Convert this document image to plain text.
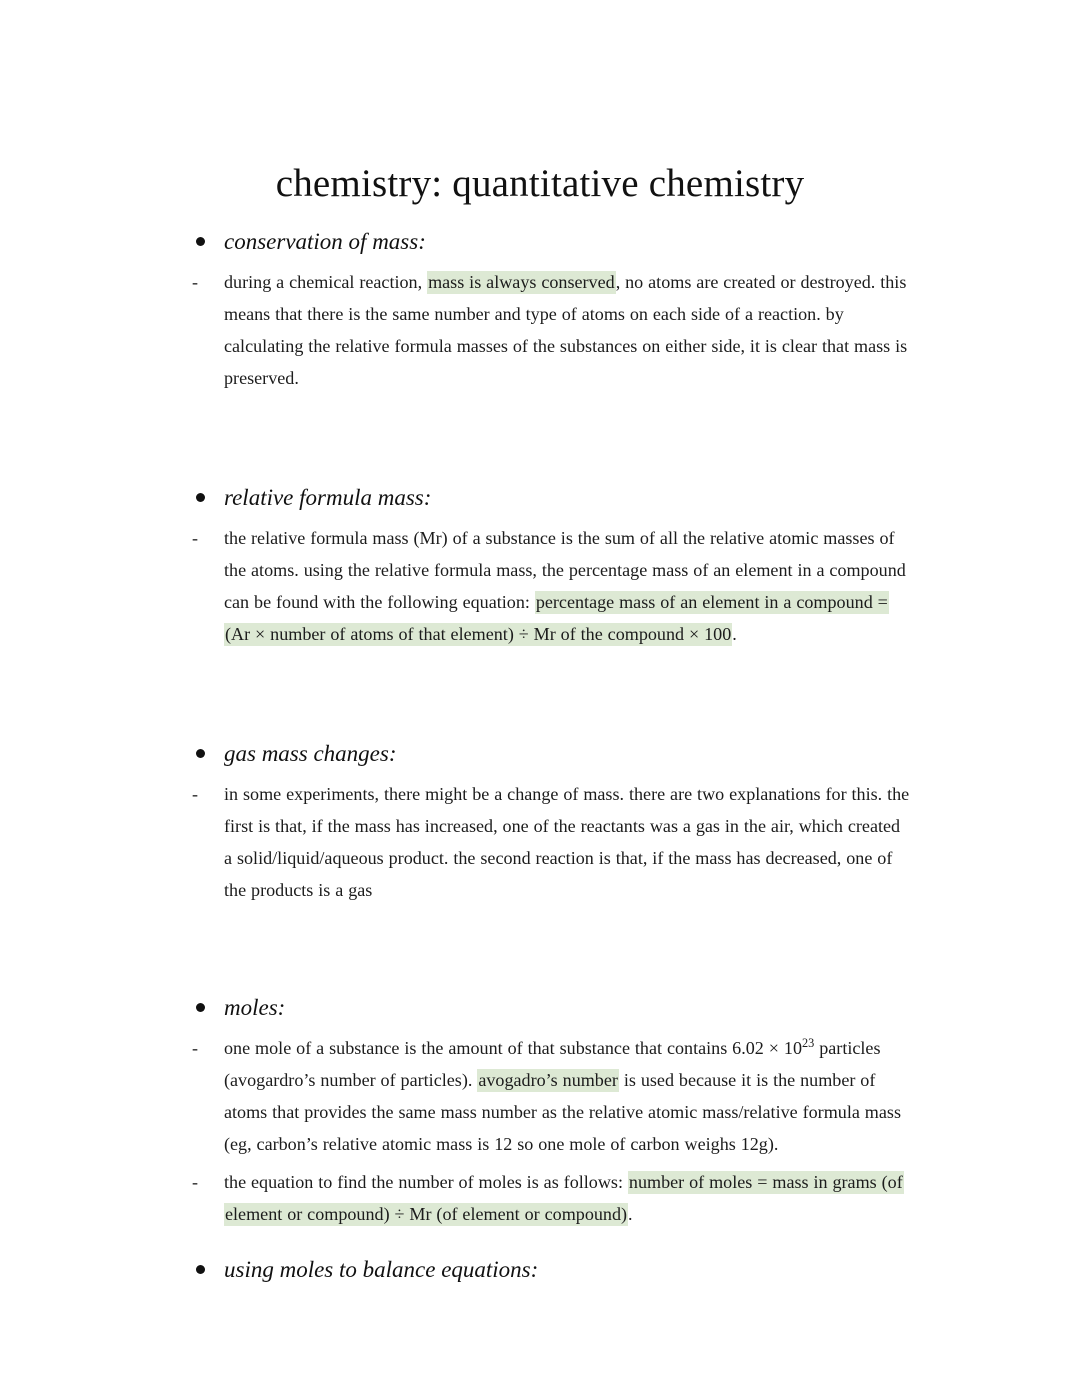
chemistry: quantitative chemistry
conservation of mass:
- during a chemical reaction, mass is always conserved, no atoms are created or destroyed. this means that there is the same number and type of atoms on each side of a reaction. by calculating the relative formula masses of the substances on either side, it is clear that mass is preserved.
relative formula mass:
- the relative formula mass (Mr) of a substance is the sum of all the relative atomic masses of the atoms. using the relative formula mass, the percentage mass of an element in a compound can be found with the following equation: percentage mass of an element in a compound = (Ar × number of atoms of that element) ÷ Mr of the compound × 100.
gas mass changes:
- in some experiments, there might be a change of mass. there are two explanations for this. the first is that, if the mass has increased, one of the reactants was a gas in the air, which created a solid/liquid/aqueous product. the second reaction is that, if the mass has decreased, one of the products is a gas
moles:
- one mole of a substance is the amount of that substance that contains $6.02 \times 10^{23}$ particles (avogardro’s number of particles). avogadro’s number is used because it is the number of atoms that provides the same mass number as the relative atomic mass/relative formula mass (eg, carbon’s relative atomic mass is 12 so one mole of carbon weighs 12g).
- the equation to find the number of moles is as follows: number of moles = mass in grams (of element or compound) ÷ Mr (of element or compound).
using moles to balance equations:
